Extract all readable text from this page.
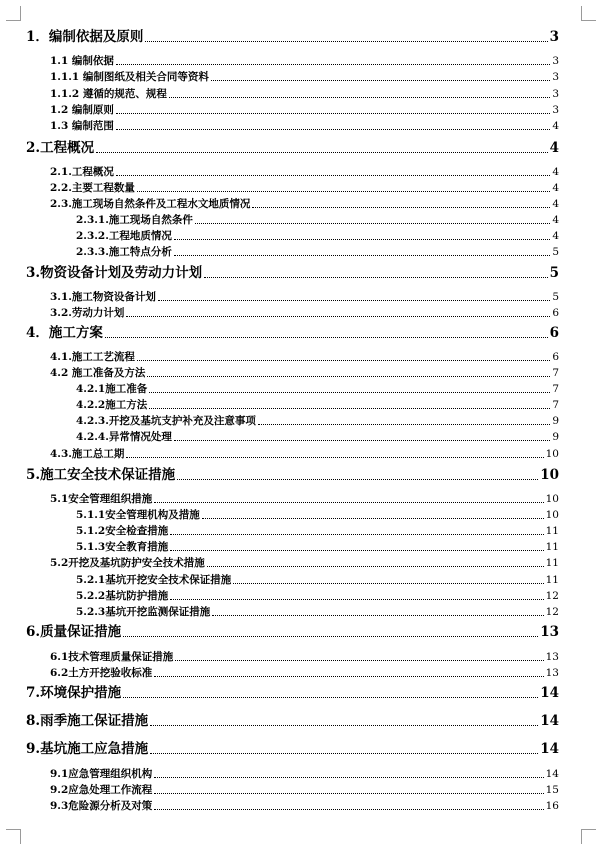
1．编制依据及原则	3
1.1 编制依据	3
1.1.1 编制图纸及相关合同等资料	3
1.1.2 遵循的规范、规程	3
1.2 编制原则	3
1.3 编制范围	4
2.工程概况	4
2.1.工程概况	4
2.2.主要工程数量	4
2.3.施工现场自然条件及工程水文地质情况	4
2.3.1.施工现场自然条件	4
2.3.2.工程地质情况	4
2.3.3.施工特点分析	5
3.物资设备计划及劳动力计划	5
3.1.施工物资设备计划	5
3.2.劳动力计划	6
4．施工方案	6
4.1.施工工艺流程	6
4.2 施工准备及方法	7
4.2.1施工准备	7
4.2.2施工方法	7
4.2.3.开挖及基坑支护补充及注意事项	9
4.2.4.异常情况处理	9
4.3.施工总工期	10
5.施工安全技术保证措施	10
5.1安全管理组织措施	10
5.1.1安全管理机构及措施	10
5.1.2安全检查措施	11
5.1.3安全教育措施	11
5.2开挖及基坑防护安全技术措施	11
5.2.1基坑开挖安全技术保证措施	11
5.2.2基坑防护措施	12
5.2.3基坑开挖监测保证措施	12
6.质量保证措施	13
6.1技术管理质量保证措施	13
6.2土方开挖验收标准	13
7.环境保护措施	14
8.雨季施工保证措施	14
9.基坑施工应急措施	14
9.1应急管理组织机构	14
9.2应急处理工作流程	15
9.3危险源分析及对策	16
